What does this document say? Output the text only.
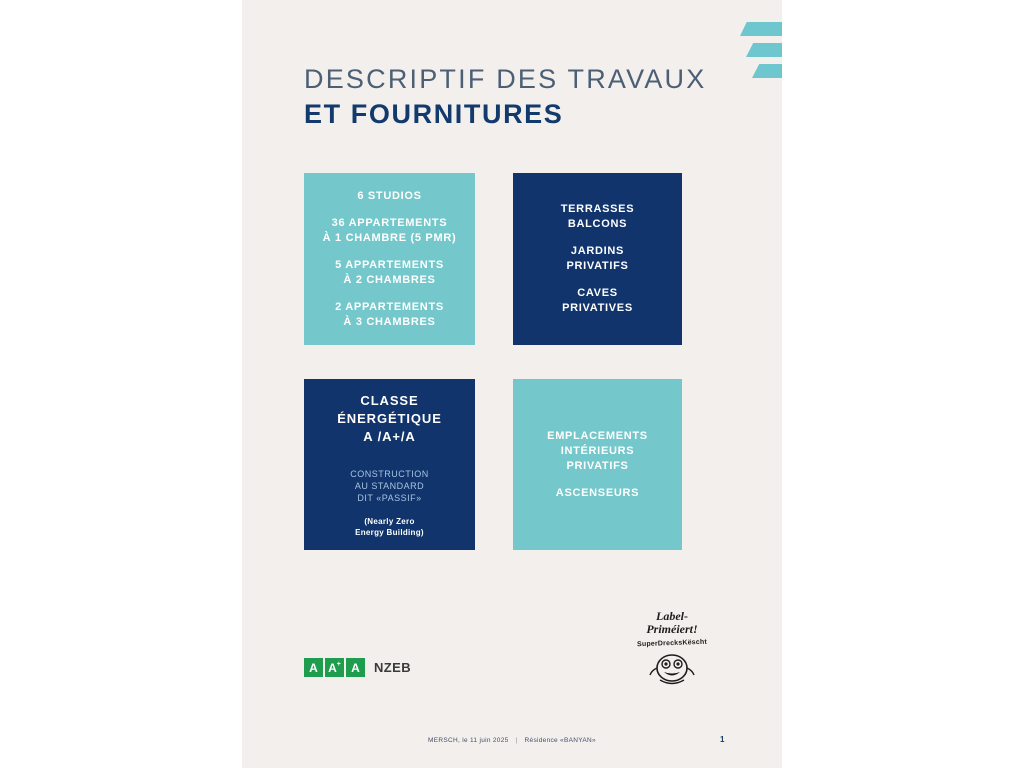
DESCRIPTIF DES TRAVAUX
ET FOURNITURES
6 STUDIOS
36 APPARTEMENTS
À 1 CHAMBRE (5 PMR)
5 APPARTEMENTS
À 2 CHAMBRES
2 APPARTEMENTS
À 3 CHAMBRES
TERRASSES
BALCONS
JARDINS
PRIVATIFS
CAVES
PRIVATIVES
CLASSE
ÉNERGÉTIQUE
A /A+/A
CONSTRUCTION
AU STANDARD
DIT «PASSIF»
(Nearly Zero
Energy Building)
EMPLACEMENTS
INTÉRIEURS
PRIVATIFS
ASCENSEURS
A A+ A NZEB
Label-
Priméiert!
SuperDrecksKëscht
MERSCH, le 11 juin 2025 | Résidence «BANYAN»	1
